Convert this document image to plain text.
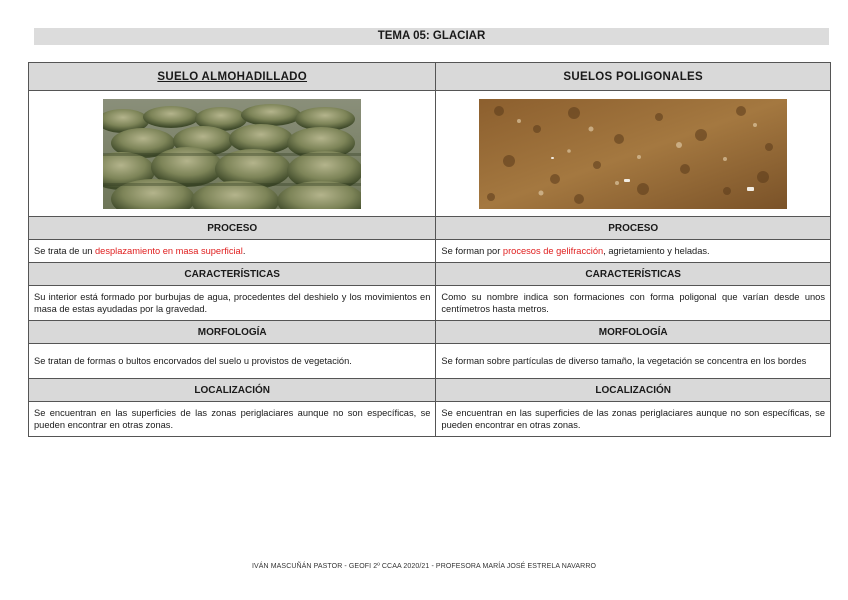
TEMA 05: GLACIAR
SUELO ALMOHADILLADO	SUELOS POLIGONALES

PROCESO	PROCESO
Se trata de un desplazamiento en masa superficial.	Se forman por procesos de gelifracción, agrietamiento y heladas.
CARACTERÍSTICAS	CARACTERÍSTICAS
Su interior está formado por burbujas de agua, procedentes del deshielo y los movimientos en masa de estas ayudadas por la gravedad.	Como su nombre indica son formaciones con forma poligonal que varían desde unos centímetros hasta metros.
MORFOLOGÍA	MORFOLOGÍA
Se tratan de formas o bultos encorvados del suelo u provistos de vegetación.	Se forman sobre partículas de diverso tamaño, la vegetación se concentra en los bordes
LOCALIZACIÓN	LOCALIZACIÓN
Se encuentran en las superficies de las zonas periglaciares aunque no son específicas, se pueden encontrar en otras zonas.	Se encuentran en las superficies de las zonas periglaciares aunque no son específicas, se pueden encontrar en otras zonas.
IVÁN MASCUÑÁN PASTOR - GEOFI 2º CCAA 2020/21 - PROFESORA MARÍA JOSÉ ESTRELA NAVARRO
